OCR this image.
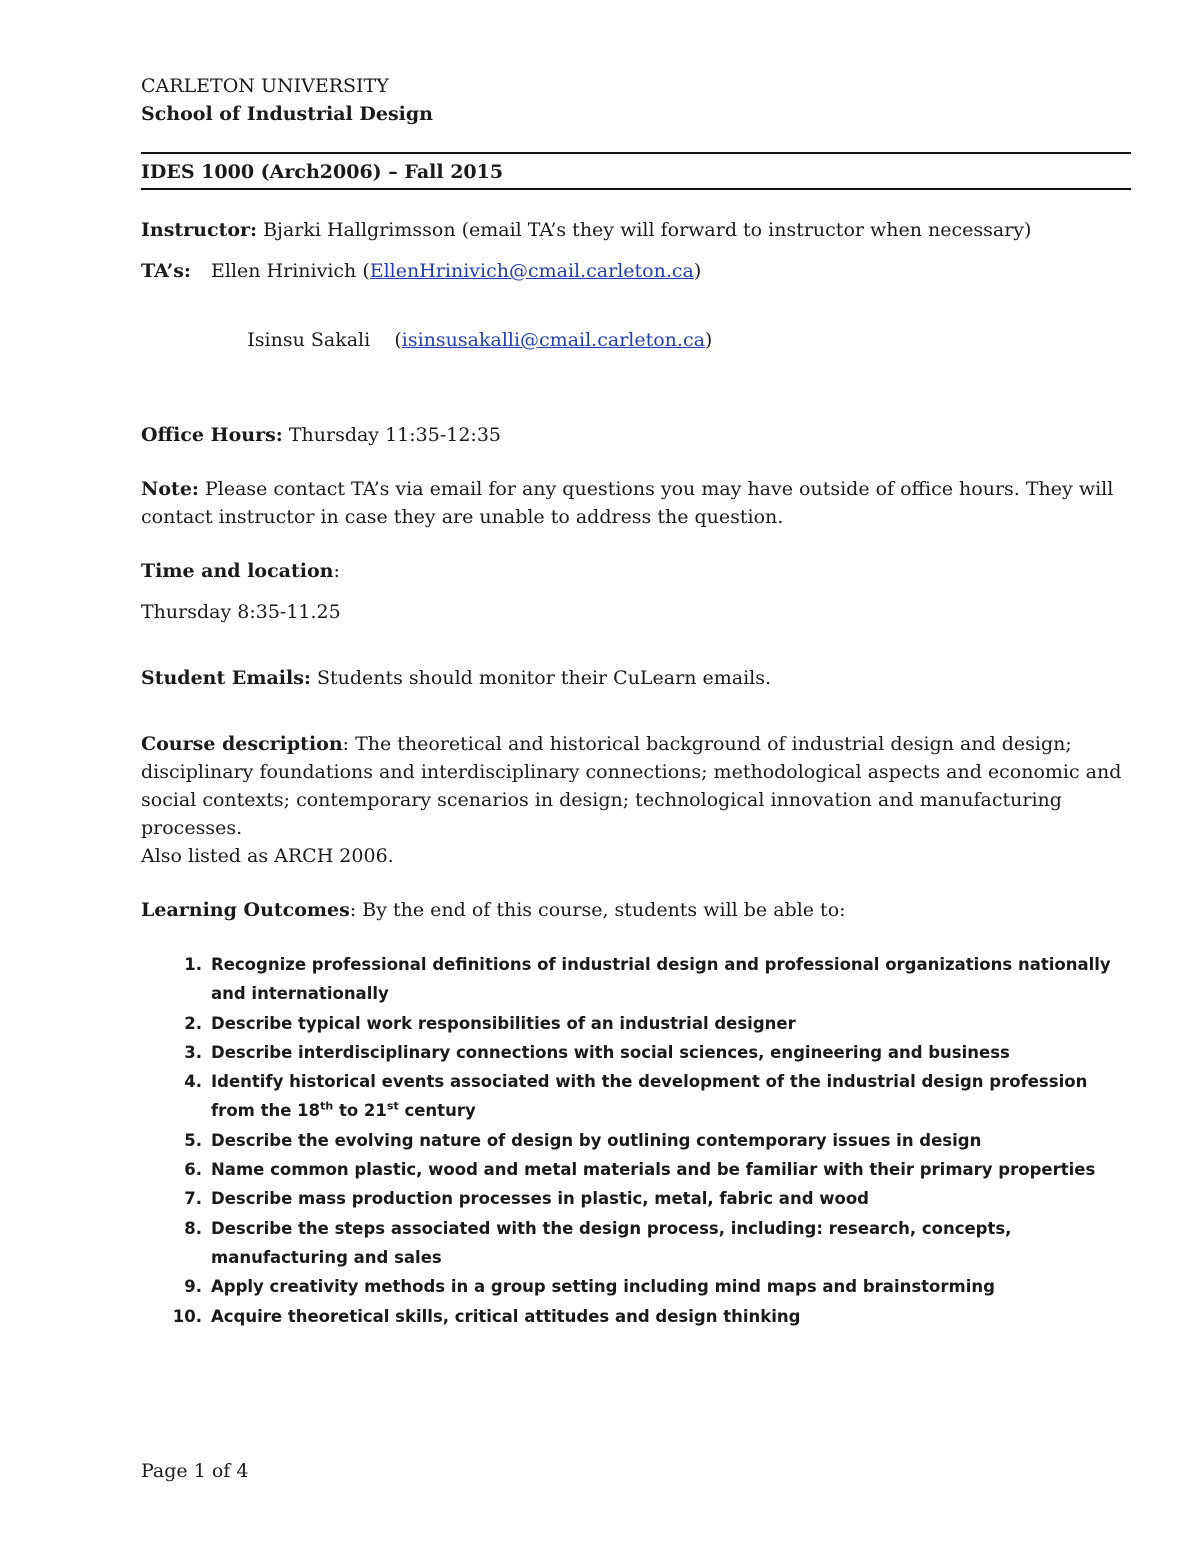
CARLETON UNIVERSITY
School of Industrial Design
IDES 1000 (Arch2006) – Fall 2015

Instructor: Bjarki Hallgrimsson (email TA’s they will forward to instructor when necessary)

TA’s:	Ellen Hrinivich (EllenHrinivich@cmail.carleton.ca)

Isinsu Sakali    (isinsusakalli@cmail.carleton.ca)

Office Hours: Thursday 11:35-12:35

Note: Please contact TA’s via email for any questions you may have outside of office hours. They will contact instructor in case they are unable to address the question.

Time and location:

Thursday 8:35-11.25

Student Emails: Students should monitor their CuLearn emails.

Course description: The theoretical and historical background of industrial design and design; disciplinary foundations and interdisciplinary connections; methodological aspects and economic and social contexts; contemporary scenarios in design; technological innovation and manufacturing processes.

Also listed as ARCH 2006.

Learning Outcomes: By the end of this course, students will be able to:

1. Recognize professional definitions of industrial design and professional organizations nationally and internationally
2. Describe typical work responsibilities of an industrial designer
3. Describe interdisciplinary connections with social sciences, engineering and business
4. Identify historical events associated with the development of the industrial design profession from the 18th to 21st century
5. Describe the evolving nature of design by outlining contemporary issues in design
6. Name common plastic, wood and metal materials and be familiar with their primary properties
7. Describe mass production processes in plastic, metal, fabric and wood
8. Describe the steps associated with the design process, including: research, concepts, manufacturing and sales
9. Apply creativity methods in a group setting including mind maps and brainstorming
10. Acquire theoretical skills, critical attitudes and design thinking
Page 1 of 4
